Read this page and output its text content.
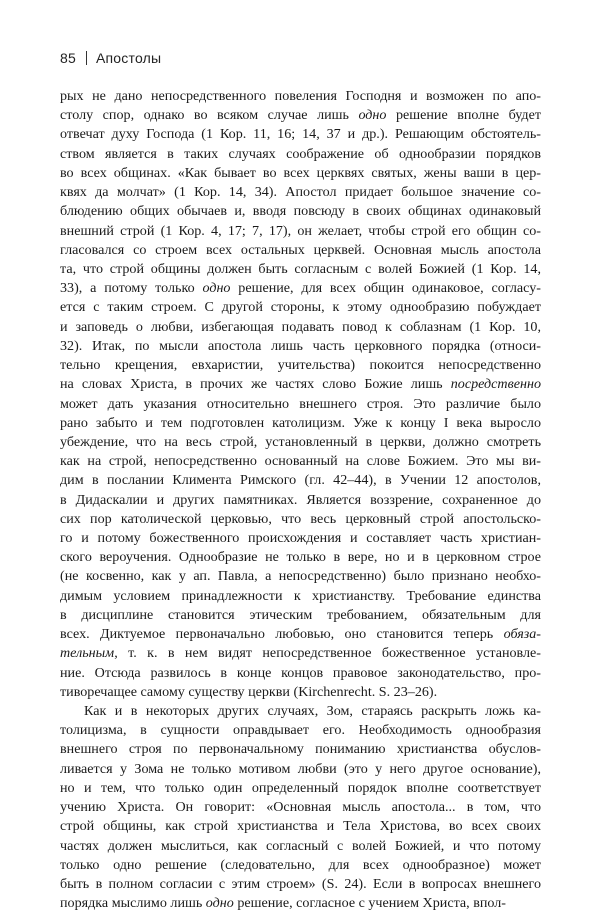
85 Апостолы
рых не дано непосредственного повеления Господня и возможен по апо-
столу спор, однако во всяком случае лишь одно решение вполне будет
отвечат духу Господа (1 Кор. 11, 16; 14, 37 и др.). Решающим обстоятель-
ством является в таких случаях соображение об однообразии порядков
во всех общинах. «Как бывает во всех церквях святых, жены ваши в цер-
квях да молчат» (1 Кор. 14, 34). Апостол придает большое значение со-
блюдению общих обычаев и, вводя повсюду в своих общинах одинаковый
внешний строй (1 Кор. 4, 17; 7, 17), он желает, чтобы строй его общин со-
гласовался со строем всех остальных церквей. Основная мысль апостола
та, что строй общины должен быть согласным с волей Божией (1 Кор. 14,
33), а потому только одно решение, для всех общин одинаковое, согласу-
ется с таким строем. С другой стороны, к этому однообразию побуждает
и заповедь о любви, избегающая подавать повод к соблазнам (1 Кор. 10,
32). Итак, по мысли апостола лишь часть церковного порядка (относи-
тельно крещения, евхаристии, учительства) покоится непосредственно
на словах Христа, в прочих же частях слово Божие лишь посредственно
может дать указания относительно внешнего строя. Это различие было
рано забыто и тем подготовлен католицизм. Уже к концу I века выросло
убеждение, что на весь строй, установленный в церкви, должно смотреть
как на строй, непосредственно основанный на слове Божием. Это мы ви-
дим в послании Климента Римского (гл. 42–44), в Учении 12 апостолов,
в Дидаскалии и других памятниках. Является воззрение, сохраненное до
сих пор католической церковью, что весь церковный строй апостольско-
го и потому божественного происхождения и составляет часть христиан-
ского вероучения. Однообразие не только в вере, но и в церковном строе
(не косвенно, как у ап. Павла, а непосредственно) было признано необхо-
димым условием принадлежности к христианству. Требование единства
в дисциплине становится этическим требованием, обязательным для
всех. Диктуемое первоначально любовью, оно становится теперь обяза-
тельным, т. к. в нем видят непосредственное божественное установле-
ние. Отсюда развилось в конце концов правовое законодательство, про-
тиворечащее самому существу церкви (Kirchenrecht. S. 23–26).
Как и в некоторых других случаях, Зом, стараясь раскрыть ложь ка-
толицизма, в сущности оправдывает его. Необходимость однообразия
внешнего строя по первоначальному пониманию христианства обуслов-
ливается у Зома не только мотивом любви (это у него другое основание),
но и тем, что только один определенный порядок вполне соответствует
учению Христа. Он говорит: «Основная мысль апостола... в том, что
строй общины, как строй христианства и Тела Христова, во всех своих
частях должен мыслиться, как согласный с волей Божией, и что потому
только одно решение (следовательно, для всех однообразное) может
быть в полном согласии с этим строем» (S. 24). Если в вопросах внешнего
порядка мыслимо лишь одно решение, согласное с учением Христа, впол-
